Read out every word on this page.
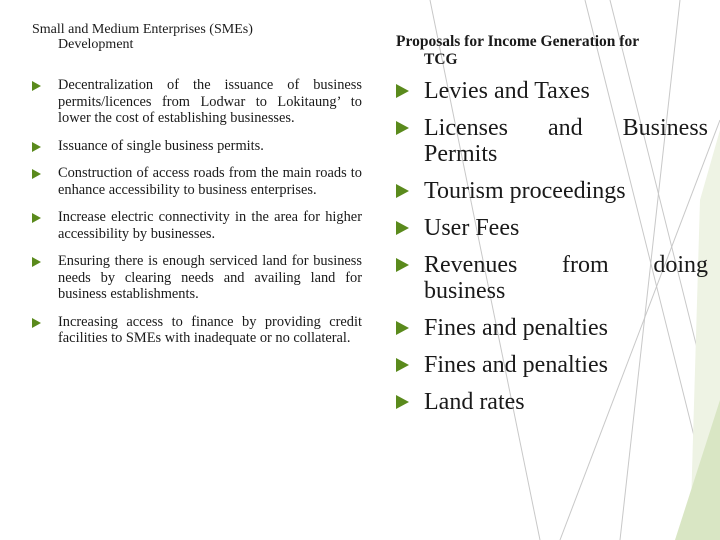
Small and Medium Enterprises (SMEs)
Development
Decentralization of the issuance of business permits/licences from Lodwar to Lokitaung’ to lower the cost of establishing businesses.
Issuance of single business permits.
Construction of access roads from the main roads to enhance accessibility to business enterprises.
Increase electric connectivity in the area for higher accessibility by businesses.
Ensuring there is enough serviced land for business needs by clearing needs and availing land for business establishments.
Increasing access to finance by providing credit facilities to SMEs with inadequate or no collateral.
Proposals for Income Generation for
TCG
Levies and Taxes
Licenses and Business Permits
Tourism proceedings
User Fees
Revenues from doing business
Fines and penalties
Fines and penalties
Land rates
